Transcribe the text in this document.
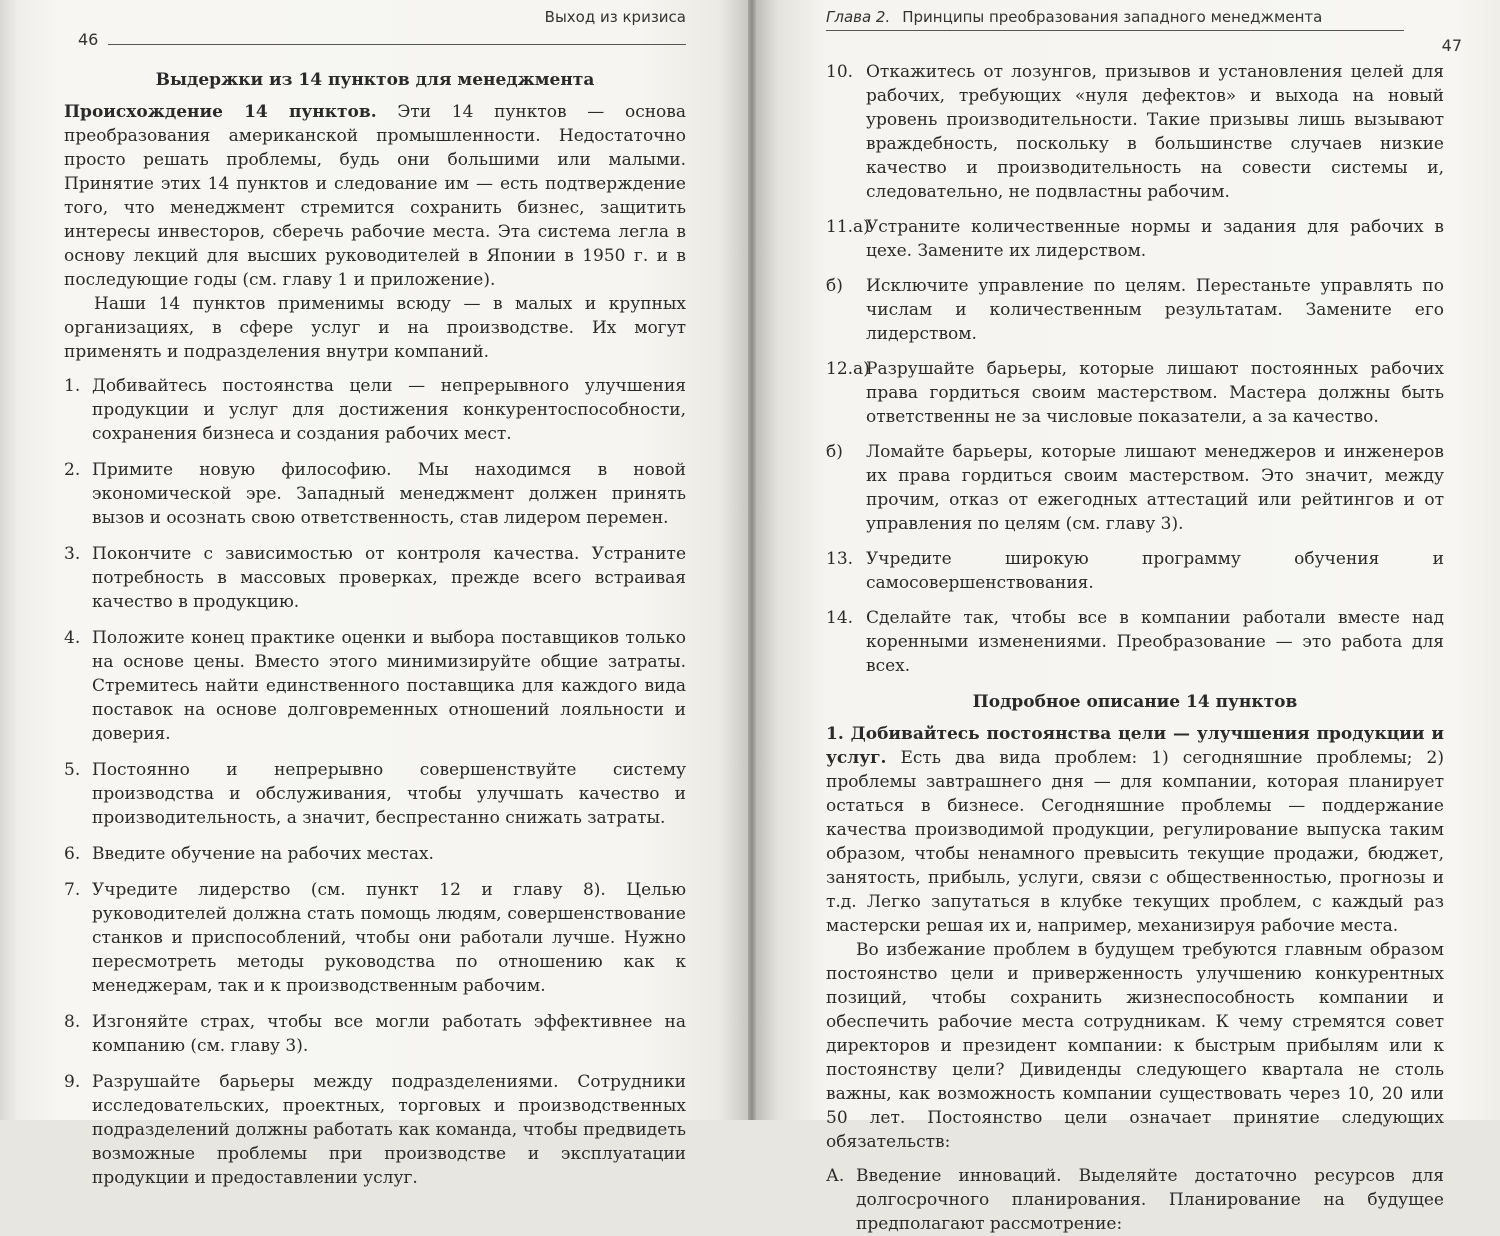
46
Выход из кризиса
Выдержки из 14 пунктов для менеджмента

Происхождение 14 пунктов. Эти 14 пунктов — основа преобразования американской промышленности. Недостаточно просто решать проблемы, будь они большими или малыми. Принятие этих 14 пунктов и следование им — есть подтверждение того, что менеджмент стремится сохранить бизнес, защитить интересы инвесторов, сберечь рабочие места. Эта система легла в основу лекций для высших руководителей в Японии в 1950 г. и в последующие годы (см. главу 1 и приложение).

Наши 14 пунктов применимы всюду — в малых и крупных организациях, в сфере услуг и на производстве. Их могут применять и подразделения внутри компаний.

1. Добивайтесь постоянства цели — непрерывного улучшения продукции и услуг для достижения конкурентоспособности, сохранения бизнеса и создания рабочих мест.

2. Примите новую философию. Мы находимся в новой экономической эре. Западный менеджмент должен принять вызов и осознать свою ответственность, став лидером перемен.

3. Покончите с зависимостью от контроля качества. Устраните потребность в массовых проверках, прежде всего встраивая качество в продукцию.

4. Положите конец практике оценки и выбора поставщиков только на основе цены. Вместо этого минимизируйте общие затраты. Стремитесь найти единственного поставщика для каждого вида поставок на основе долговременных отношений лояльности и доверия.

5. Постоянно и непрерывно совершенствуйте систему производства и обслуживания, чтобы улучшать качество и производительность, а значит, беспрестанно снижать затраты.

6. Введите обучение на рабочих местах.

7. Учредите лидерство (см. пункт 12 и главу 8). Целью руководителей должна стать помощь людям, совершенствование станков и приспособлений, чтобы они работали лучше. Нужно пересмотреть методы руководства по отношению как к менеджерам, так и к производственным рабочим.

8. Изгоняйте страх, чтобы все могли работать эффективнее на компанию (см. главу 3).

9. Разрушайте барьеры между подразделениями. Сотрудники исследовательских, проектных, торговых и производственных подразделений должны работать как команда, чтобы предвидеть возможные проблемы при производстве и эксплуатации продукции и предоставлении услуг.

Глава 2. Принципы преобразования западного менеджмента
47
10. Откажитесь от лозунгов, призывов и установления целей для рабочих, требующих «нуля дефектов» и выхода на новый уровень производительности. Такие призывы лишь вызывают враждебность, поскольку в большинстве случаев низкие качество и производительность на совести системы и, следовательно, не подвластны рабочим.

11.а)

Устраните количественные нормы и задания для рабочих в цехе. Замените их лидерством.

б) Исключите управление по целям. Перестаньте управлять по числам и количественным результатам. Замените его лидерством.

12.а)

Разрушайте барьеры, которые лишают постоянных рабочих права гордиться своим мастерством. Мастера должны быть ответственны не за числовые показатели, а за качество.

б) Ломайте барьеры, которые лишают менеджеров и инженеров их права гордиться своим мастерством. Это значит, между прочим, отказ от ежегодных аттестаций или рейтингов и от управления по целям (см. главу 3).

13. Учредите широкую программу обучения и самосовершенствования.

14. Сделайте так, чтобы все в компании работали вместе над коренными изменениями. Преобразование — это работа для всех.

Подробное описание 14 пунктов

1. Добивайтесь постоянства цели — улучшения продукции и услуг. Есть два вида проблем: 1) сегодняшние проблемы; 2) проблемы завтрашнего дня — для компании, которая планирует остаться в бизнесе. Сегодняшние проблемы — поддержание качества производимой продукции, регулирование выпуска таким образом, чтобы ненамного превысить текущие продажи, бюджет, занятость, прибыль, услуги, связи с общественностью, прогнозы и т.д. Легко запутаться в клубке текущих проблем, с каждый раз мастерски решая их и, например, механизируя рабочие места.

Во избежание проблем в будущем требуются главным образом постоянство цели и приверженность улучшению конкурентных позиций, чтобы сохранить жизнеспособность компании и обеспечить рабочие места сотрудникам. К чему стремятся совет директоров и президент компании: к быстрым прибылям или к постоянству цели? Дивиденды следующего квартала не столь важны, как возможность компании существовать через 10, 20 или 50 лет. Постоянство цели означает принятие следующих обязательств:

А. Введение инноваций. Выделяйте достаточно ресурсов для долгосрочного планирования. Планирование на будущее предполагают рассмотрение:
